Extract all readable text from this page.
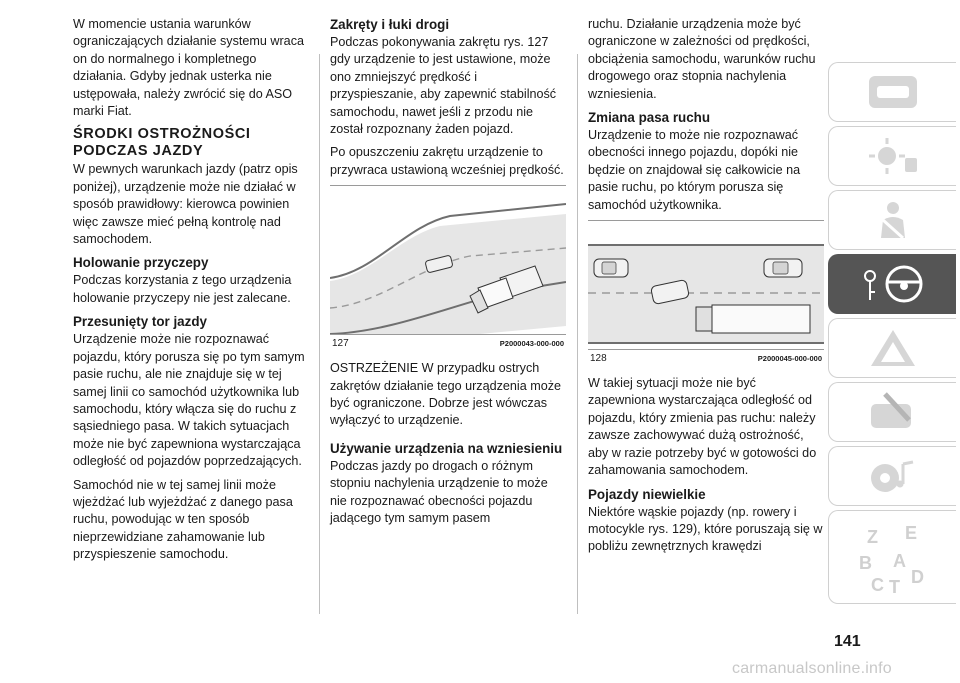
W momencie ustania warunków ograniczających działanie systemu wraca on do normalnego i kompletnego działania. Gdyby jednak usterka nie ustępowała, należy zwrócić się do ASO marki Fiat.

ŚRODKI OSTROŻNOŚCI PODCZAS JAZDY

W pewnych warunkach jazdy (patrz opis poniżej), urządzenie może nie działać w sposób prawidłowy: kierowca powinien więc zawsze mieć pełną kontrolę nad samochodem.

Holowanie przyczepy

Podczas korzystania z tego urządzenia holowanie przyczepy nie jest zalecane.

Przesunięty tor jazdy

Urządzenie może nie rozpoznawać pojazdu, który porusza się po tym samym pasie ruchu, ale nie znajduje się w tej samej linii co samochód użytkownika lub samochodu, który włącza się do ruchu z sąsiedniego pasa. W takich sytuacjach może nie być zapewniona wystarczająca odległość od pojazdów poprzedzających.

Samochód nie w tej samej linii może wjeżdżać lub wyjeżdżać z danego pasa ruchu, powodując w ten sposób nieprzewidziane zahamowanie lub przyspieszenie samochodu.

Zakręty i łuki drogi

Podczas pokonywania zakrętu rys. 127 gdy urządzenie to jest ustawione, może ono zmniejszyć prędkość i przyspieszanie, aby zapewnić stabilność samochodu, nawet jeśli z przodu nie został rozpoznany żaden pojazd.

Po opuszczeniu zakrętu urządzenie to przywraca ustawioną wcześniej prędkość.

127	P2000043-000-000

OSTRZEŻENIE W przypadku ostrych zakrętów działanie tego urządzenia może być ograniczone. Dobrze jest wówczas wyłączyć to urządzenie.

Używanie urządzenia na wzniesieniu

Podczas jazdy po drogach o różnym stopniu nachylenia urządzenie to może nie rozpoznawać obecności pojazdu jadącego tym samym pasem

ruchu. Działanie urządzenia może być ograniczone w zależności od prędkości, obciążenia samochodu, warunków ruchu drogowego oraz stopnia nachylenia wzniesienia.

Zmiana pasa ruchu

Urządzenie to może nie rozpoznawać obecności innego pojazdu, dopóki nie będzie on znajdował się całkowicie na pasie ruchu, po którym porusza się samochód użytkownika.

128	P2000045-000-000

W takiej sytuacji może nie być zapewniona wystarczająca odległość od pojazdu, który zmienia pas ruchu: należy zawsze zachowywać dużą ostrożność, aby w razie potrzeby być w gotowości do zahamowania samochodem.

Pojazdy niewielkie

Niektóre wąskie pojazdy (np. rowery i motocykle rys. 129), które poruszają się w pobliżu zewnętrznych krawędzi	Z E
B A
C T D
141
carmanualsonline.info
